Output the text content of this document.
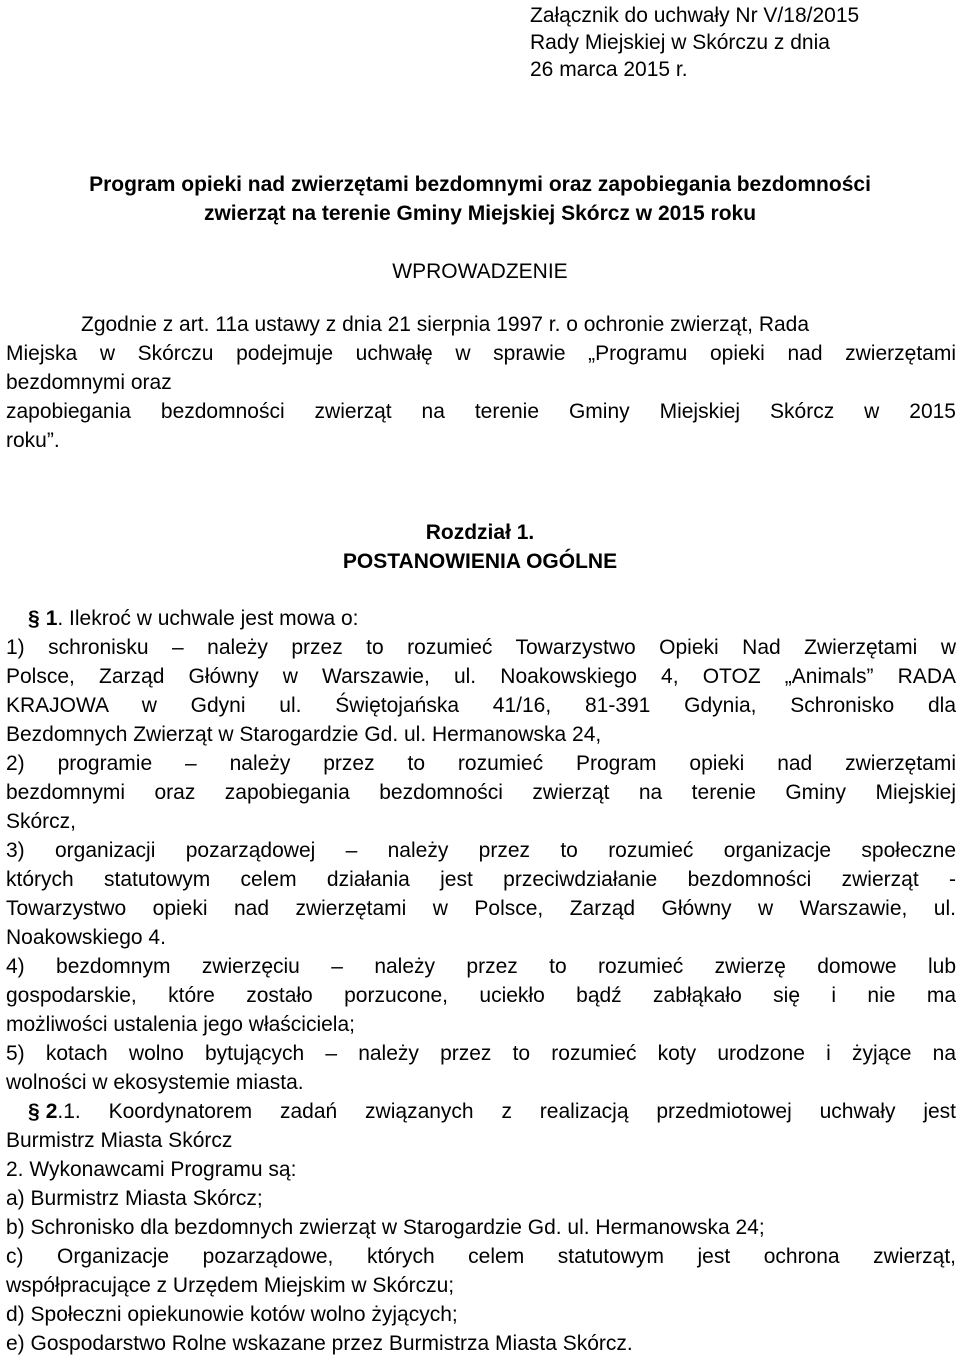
Załącznik do uchwały Nr V/18/2015
Rady Miejskiej w Skórczu z dnia
26 marca 2015 r.
Program opieki nad zwierzętami bezdomnymi oraz zapobiegania bezdomności
zwierząt na terenie Gminy Miejskiej Skórcz w 2015 roku
WPROWADZENIE
Zgodnie z art. 11a ustawy z dnia 21 sierpnia 1997 r. o ochronie zwierząt, Rada
Miejska w Skórczu podejmuje uchwałę w sprawie „Programu opieki nad zwierzętami
bezdomnymi oraz
zapobiegania bezdomności zwierząt na terenie Gminy Miejskiej Skórcz w 2015
roku”.
Rozdział 1.
POSTANOWIENIA OGÓLNE
§ 1. Ilekroć w uchwale jest mowa o:
1) schronisku – należy przez to rozumieć Towarzystwo Opieki Nad Zwierzętami w
Polsce, Zarząd Główny w Warszawie, ul. Noakowskiego 4, OTOZ „Animals” RADA
KRAJOWA w Gdyni ul. Świętojańska 41/16, 81-391 Gdynia, Schronisko dla
Bezdomnych Zwierząt w Starogardzie Gd. ul. Hermanowska 24,
2) programie – należy przez to rozumieć Program opieki nad zwierzętami
bezdomnymi oraz zapobiegania bezdomności zwierząt na terenie Gminy Miejskiej
Skórcz,
3) organizacji pozarządowej – należy przez to rozumieć organizacje społeczne
których statutowym celem działania jest przeciwdziałanie bezdomności zwierząt -
Towarzystwo opieki nad zwierzętami w Polsce, Zarząd Główny w Warszawie, ul.
Noakowskiego 4.
4) bezdomnym zwierzęciu – należy przez to rozumieć zwierzę domowe lub
gospodarskie, które zostało porzucone, uciekło bądź zabłąkało się i nie ma
możliwości ustalenia jego właściciela;
5) kotach wolno bytujących – należy przez to rozumieć koty urodzone i żyjące na
wolności w ekosystemie miasta.
§ 2.1. Koordynatorem zadań związanych z realizacją przedmiotowej uchwały jest
Burmistrz Miasta Skórcz
2. Wykonawcami Programu są:
a) Burmistrz Miasta Skórcz;
b) Schronisko dla bezdomnych zwierząt w Starogardzie Gd. ul. Hermanowska 24;
c) Organizacje pozarządowe, których celem statutowym jest ochrona zwierząt,
współpracujące z Urzędem Miejskim w Skórczu;
d) Społeczni opiekunowie kotów wolno żyjących;
e) Gospodarstwo Rolne wskazane przez Burmistrza Miasta Skórcz.
